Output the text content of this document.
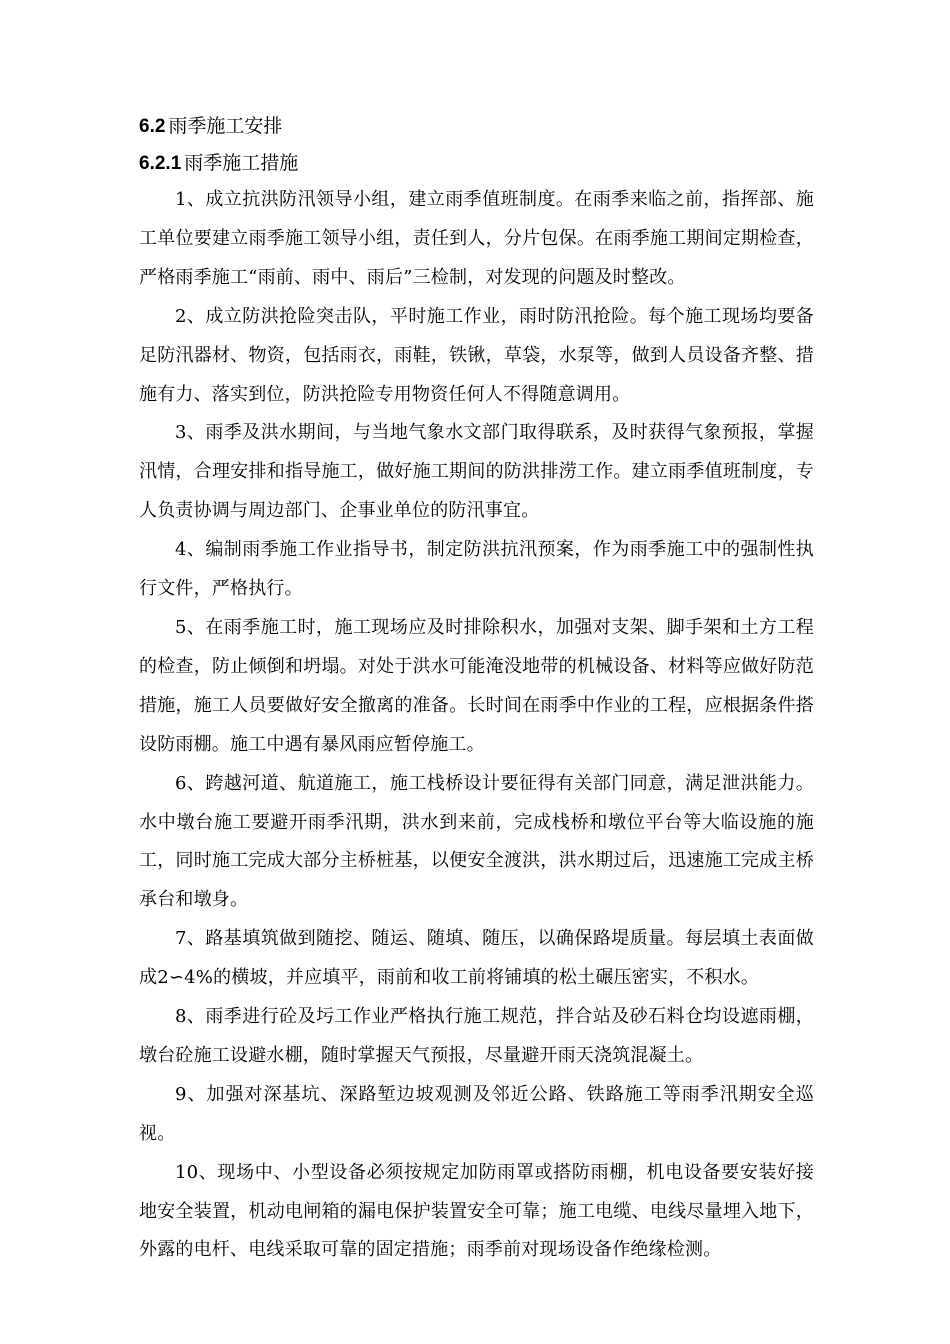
6.2 雨季施工安排
6.2.1 雨季施工措施

1、成立抗洪防汛领导小组，建立雨季值班制度。在雨季来临之前，指挥部、施工单位要建立雨季施工领导小组，责任到人，分片包保。在雨季施工期间定期检查，严格雨季施工“雨前、雨中、雨后”三检制，对发现的问题及时整改。

2、成立防洪抢险突击队，平时施工作业，雨时防汛抢险。每个施工现场均要备足防汛器材、物资，包括雨衣，雨鞋，铁锹，草袋，水泵等，做到人员设备齐整、措施有力、落实到位，防洪抢险专用物资任何人不得随意调用。

3、雨季及洪水期间，与当地气象水文部门取得联系，及时获得气象预报，掌握汛情，合理安排和指导施工，做好施工期间的防洪排涝工作。建立雨季值班制度，专人负责协调与周边部门、企事业单位的防汛事宜。

4、编制雨季施工作业指导书，制定防洪抗汛预案，作为雨季施工中的强制性执行文件，严格执行。

5、在雨季施工时，施工现场应及时排除积水，加强对支架、脚手架和土方工程的检查，防止倾倒和坍塌。对处于洪水可能淹没地带的机械设备、材料等应做好防范措施，施工人员要做好安全撤离的准备。长时间在雨季中作业的工程，应根据条件搭设防雨棚。施工中遇有暴风雨应暂停施工。

6、跨越河道、航道施工，施工栈桥设计要征得有关部门同意，满足泄洪能力。水中墩台施工要避开雨季汛期，洪水到来前，完成栈桥和墩位平台等大临设施的施工，同时施工完成大部分主桥桩基，以便安全渡洪，洪水期过后，迅速施工完成主桥承台和墩身。

7、路基填筑做到随挖、随运、随填、随压，以确保路堤质量。每层填土表面做成2∽4%的横坡，并应填平，雨前和收工前将铺填的松土碾压密实，不积水。

8、雨季进行砼及圬工作业严格执行施工规范，拌合站及砂石料仓均设遮雨棚，墩台砼施工设避水棚，随时掌握天气预报，尽量避开雨天浇筑混凝土。

9、加强对深基坑、深路堑边坡观测及邻近公路、铁路施工等雨季汛期安全巡视。

10、现场中、小型设备必须按规定加防雨罩或搭防雨棚，机电设备要安装好接地安全装置，机动电闸箱的漏电保护装置安全可靠；施工电缆、电线尽量埋入地下，外露的电杆、电线采取可靠的固定措施；雨季前对现场设备作绝缘检测。
